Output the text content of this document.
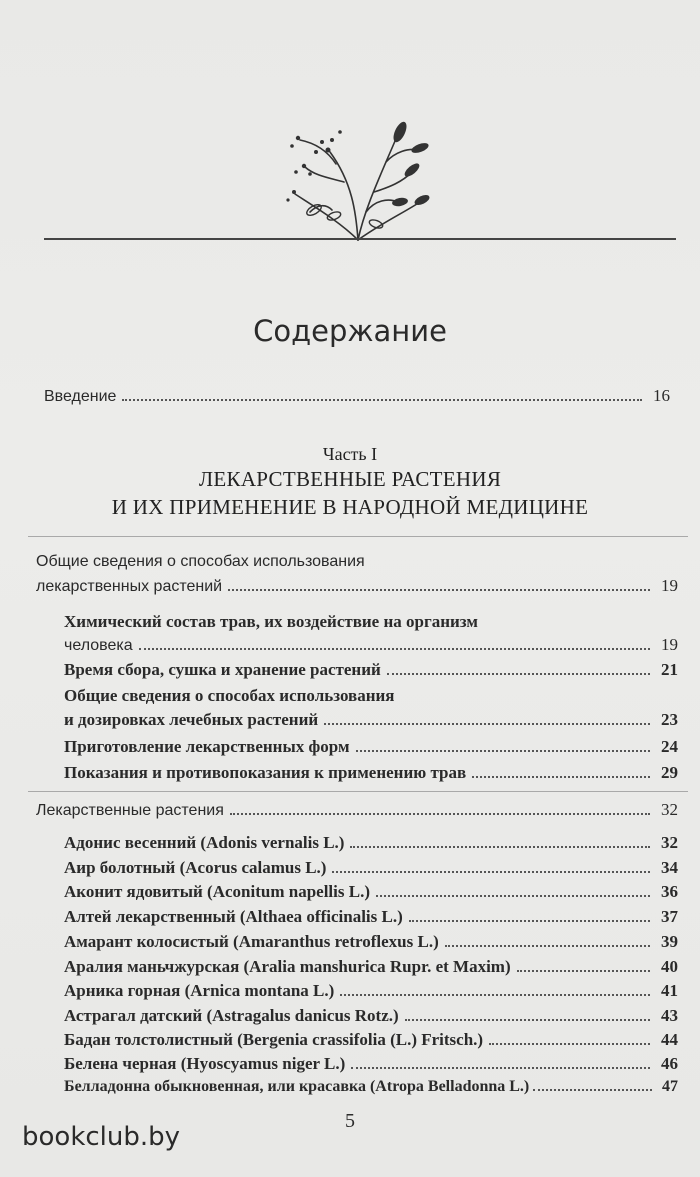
Содержание
Введение	16
Часть I
ЛЕКАРСТВЕННЫЕ РАСТЕНИЯ
И ИХ ПРИМЕНЕНИЕ В НАРОДНОЙ МЕДИЦИНЕ
Общие сведения о способах использования
лекарственных растений	19
Химический состав трав, их воздействие на организм
человека	19
Время сбора, сушка и хранение растений	21
Общие сведения о способах использования
и дозировках лечебных растений	23
Приготовление лекарственных форм	24
Показания и противопоказания к применению трав	29
Лекарственные растения	32
Адонис весенний (Adonis vernalis L.)	32
Аир болотный (Acorus calamus L.)	34
Аконит ядовитый (Aconitum napellis L.)	36
Алтей лекарственный (Althaea officinalis L.)	37
Амарант колосистый (Amaranthus retroflexus L.)	39
Аралия маньчжурская (Aralia manshurica Rupr. et Maxim)	40
Арника горная (Arnica montana L.)	41
Астрагал датский (Astragalus danicus Rotz.)	43
Бадан толстолистный (Bergenia crassifolia (L.) Fritsch.)	44
Белена черная (Hyoscyamus niger L.)	46
Белладонна обыкновенная, или красавка (Atropa Belladonna L.)	47
5
bookclub.by
